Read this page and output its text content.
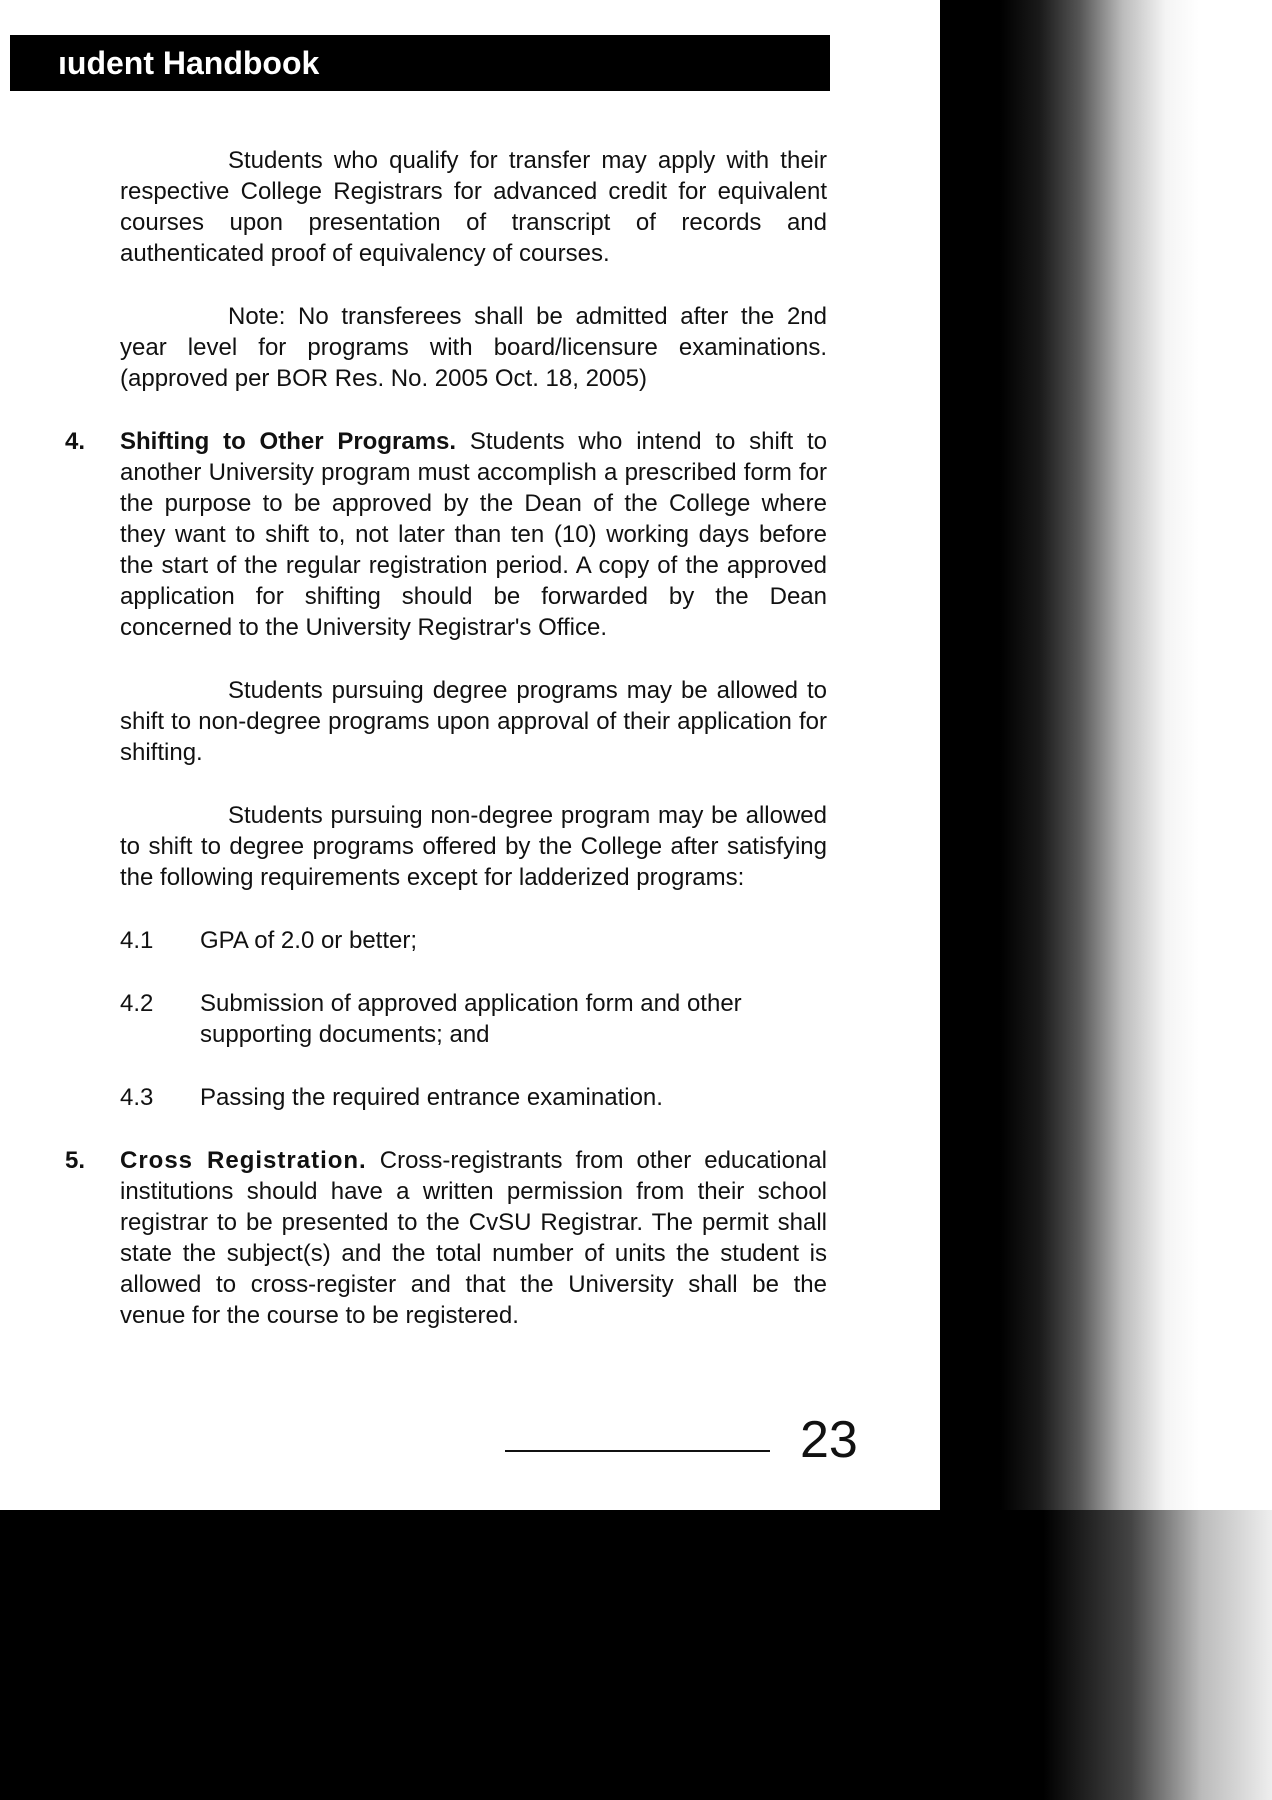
ıudent Handbook

Students who qualify for transfer may apply with their respective College Registrars for advanced credit for equivalent courses upon presentation of transcript of records and authenticated proof of equivalency of courses.

Note: No transferees shall be admitted after the 2nd year level for programs with board/licensure examinations. (approved per BOR Res. No. 2005 Oct. 18, 2005)

4. Shifting to Other Programs. Students who intend to shift to another University program must accomplish a prescribed form for the purpose to be approved by the Dean of the College where they want to shift to, not later than ten (10) working days before the start of the regular registration period. A copy of the approved application for shifting should be forwarded by the Dean concerned to the University Registrar's Office.

Students pursuing degree programs may be allowed to shift to non-degree programs upon approval of their application for shifting.

Students pursuing non-degree program may be allowed to shift to degree programs offered by the College after satisfying the following requirements except for ladderized programs:

4.1	GPA of 2.0 or better;
4.2	Submission of approved application form and other supporting documents; and
4.3	Passing the required entrance examination.
5. Cross Registration. Cross-registrants from other educational institutions should have a written permission from their school registrar to be presented to the CvSU Registrar. The permit shall state the subject(s) and the total number of units the student is allowed to cross-register and that the University shall be the venue for the course to be registered.
23
